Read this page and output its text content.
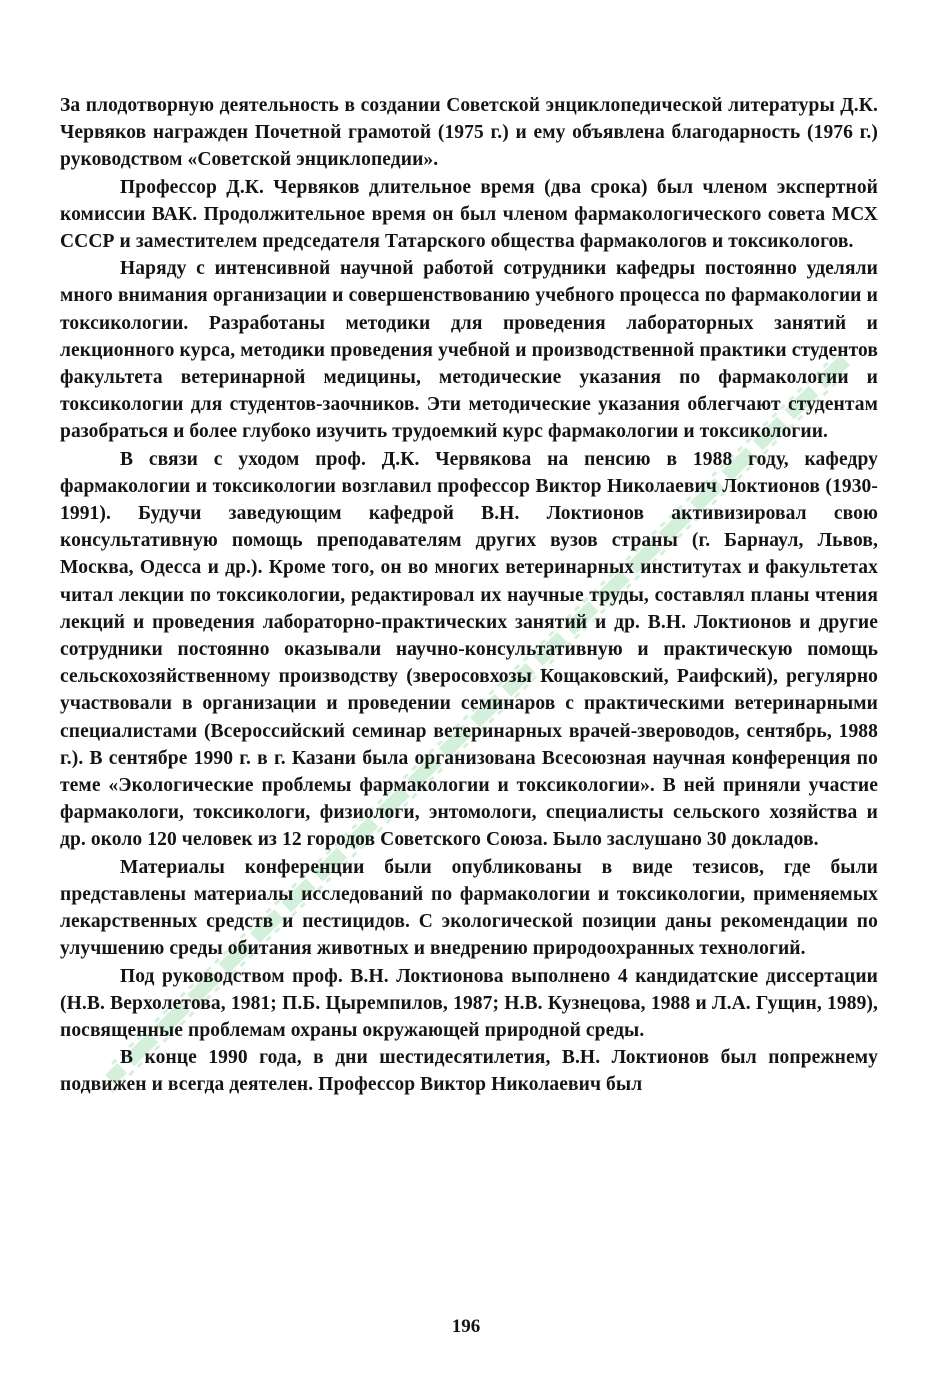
За плодотворную деятельность в создании Советской энциклопедической литературы Д.К. Червяков награжден Почетной грамотой (1975 г.) и ему объявлена благодарность (1976 г.) руководством «Советской энциклопедии».

Профессор Д.К. Червяков длительное время (два срока) был членом экспертной комиссии ВАК. Продолжительное время он был членом фармакологического совета МСХ СССР и заместителем председателя Татарского общества фармакологов и токсикологов.

Наряду с интенсивной научной работой сотрудники кафедры постоянно уделяли много внимания организации и совершенствованию учебного процесса по фармакологии и токсикологии. Разработаны методики для проведения лабораторных занятий и лекционного курса, методики проведения учебной и производственной практики студентов факультета ветеринарной медицины, методические указания по фармакологии и токсикологии для студентов-заочников. Эти методические указания облегчают студентам разобраться и более глубоко изучить трудоемкий курс фармакологии и токсикологии.

В связи с уходом проф. Д.К. Червякова на пенсию в 1988 году, кафедру фармакологии и токсикологии возглавил профессор Виктор Николаевич Локтионов (1930-1991). Будучи заведующим кафедрой В.Н. Локтионов активизировал свою консультативную помощь преподавателям других вузов страны (г. Барнаул, Львов, Москва, Одесса и др.). Кроме того, он во многих ветеринарных институтах и факультетах читал лекции по токсикологии, редактировал их научные труды, составлял планы чтения лекций и проведения лабораторно-практических занятий и др. В.Н. Локтионов и другие сотрудники постоянно оказывали научно-консультативную и практическую помощь сельскохозяйственному производству (зверосовхозы Кощаковский, Раифский), регулярно участвовали в организации и проведении семинаров с практическими ветеринарными специалистами (Всероссийский семинар ветеринарных врачей-звероводов, сентябрь, 1988 г.). В сентябре 1990 г. в г. Казани была организована Всесоюзная научная конференция по теме «Экологические проблемы фармакологии и токсикологии». В ней приняли участие фармакологи, токсикологи, физиологи, энтомологи, специалисты сельского хозяйства и др. около 120 человек из 12 городов Советского Союза. Было заслушано 30 докладов.

Материалы конференции были опубликованы в виде тезисов, где были представлены материалы исследований по фармакологии и токсикологии, применяемых лекарственных средств и пестицидов. С экологической позиции даны рекомендации по улучшению среды обитания животных и внедрению природоохранных технологий.

Под руководством проф. В.Н. Локтионова выполнено 4 кандидатские диссертации (Н.В. Верхолетова, 1981; П.Б. Цыремпилов, 1987; Н.В. Кузнецова, 1988 и Л.А. Гущин, 1989), посвященные проблемам охраны окружающей природной среды.

В конце 1990 года, в дни шестидесятилетия, В.Н. Локтионов был попрежнему подвижен и всегда деятелен. Профессор Виктор Николаевич был

196
